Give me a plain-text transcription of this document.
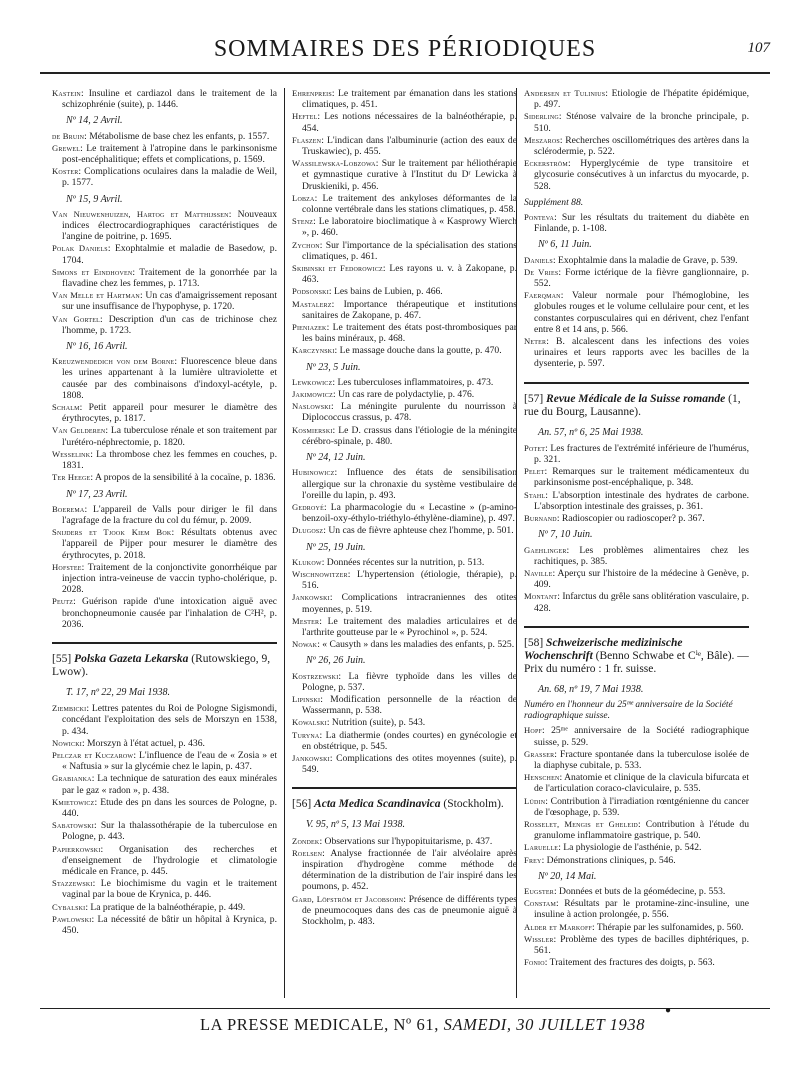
SOMMAIRES DES PÉRIODIQUES	107

Kastein: Insuline et cardiazol dans le traitement de la schizophrénie (suite), p. 1446.

Nº 14, 2 Avril.

de Bruin: Métabolisme de base chez les enfants, p. 1557.

Grewel: Le traitement à l'atropine dans le parkinsonisme post-encéphalitique; effets et complications, p. 1569.

Koster: Complications oculaires dans la maladie de Weil, p. 1577.

Nº 15, 9 Avril.

Van Nieuwenhuizen, Hartog et Matthijssen: Nouveaux indices électrocardiographiques caractéristiques de l'angine de poitrine, p. 1695.

Polak Daniels: Exophtalmie et maladie de Basedow, p. 1704.

Simons et Eindhoven: Traitement de la gonorrhée par la flavadine chez les femmes, p. 1713.

Van Melle et Hartman: Un cas d'amaigrissement reposant sur une insuffisance de l'hypophyse, p. 1720.

Van Gortel: Description d'un cas de trichinose chez l'homme, p. 1723.

Nº 16, 16 Avril.

Kreuzwendedich von dem Borne: Fluorescence bleue dans les urines appartenant à la lumière ultraviolette et causée par des combinaisons d'indoxyl-acétyle, p. 1808.

Schalm: Petit appareil pour mesurer le diamètre des érythrocytes, p. 1817.

Van Gelderen: La tuberculose rénale et son traitement par l'urétéro-néphrectomie, p. 1820.

Wesselink: La thrombose chez les femmes en couches, p. 1831.

Ter Heege: A propos de la sensibilité à la cocaïne, p. 1836.

Nº 17, 23 Avril.

Boerema: L'appareil de Valls pour diriger le fil dans l'agrafage de la fracture du col du fémur, p. 2009.

Snijders et Tjook Kiem Bok: Résultats obtenus avec l'appareil de Pijper pour mesurer le diamètre des érythrocytes, p. 2018.

Hofstee: Traitement de la conjonctivite gonorrhéique par injection intra-veineuse de vaccin typho-cholérique, p. 2028.

Peutz: Guérison rapide d'une intoxication aiguë avec bronchopneumonie causée par l'inhalation de C²H², p. 2036.

[55] Polska Gazeta Lekarska (Rutowskiego, 9, Lwow).
T. 17, nº 22, 29 Mai 1938.

Ziembicki: Lettres patentes du Roi de Pologne Sigismondi, concédant l'exploitation des sels de Morszyn en 1538, p. 434.

Nowicki: Morszyn à l'état actuel, p. 436.

Pelczar et Kuczarow: L'influence de l'eau de « Zosia » et « Naftusia » sur la glycémie chez le lapin, p. 437.

Grabianka: La technique de saturation des eaux minérales par le gaz « radon », p. 438.

Kmietowicz: Etude des pn dans les sources de Pologne, p. 440.

Sabatowski: Sur la thalassothérapie de la tuberculose en Pologne, p. 443.

Papierkowski: Organisation des recherches et d'enseignement de l'hydrologie et climatologie médicale en France, p. 445.

Stazzewski: Le biochimisme du vagin et le traitement vaginal par la boue de Krynica, p. 446.

Cybalski: La pratique de la balnéothérapie, p. 449.

Pawlowski: La nécessité de bâtir un hôpital à Krynica, p. 450.

Ehrenpreis: Le traitement par émanation dans les stations climatiques, p. 451.

Heftel: Les notions nécessaires de la balnéothérapie, p. 454.

Flaszen: L'indican dans l'albuminurie (action des eaux de Truskawiec), p. 455.

Wassilewska-Lobzowa: Sur le traitement par héliothérapie et gymnastique curative à l'Institut du Dʳ Lewicka à Druskieniki, p. 456.

Lobza: Le traitement des ankyloses déformantes de la colonne vertébrale dans les stations climatiques, p. 458.

Stenz: Le laboratoire bioclimatique à « Kasprowy Wierch », p. 460.

Zychon: Sur l'importance de la spécialisation des stations climatiques, p. 461.

Skibinski et Fedorowicz: Les rayons u. v. à Zakopane, p. 463.

Podsonski: Les bains de Lubien, p. 466.

Mastalerz: Importance thérapeutique et institutions sanitaires de Zakopane, p. 467.

Pieniazek: Le traitement des états post-thrombosiques par les bains minéraux, p. 468.

Karczynski: Le massage douche dans la goutte, p. 470.

Nº 23, 5 Juin.

Lewkowicz: Les tuberculoses inflammatoires, p. 473.

Jakimowicz: Un cas rare de polydactylie, p. 476.

Naslowski: La méningite purulente du nourrisson à Diplococcus crassus, p. 478.

Kosmierski: Le D. crassus dans l'étiologie de la méningite cérébro-spinale, p. 480.

Nº 24, 12 Juin.

Hubinowicz: Influence des états de sensibilisation allergique sur la chronaxie du système vestibulaire de l'oreille du lapin, p. 493.

Gedroyé: La pharmacologie du « Lecastine » (p-amino-benzoil-oxy-éthylo-triéthylo-éthylène-diamine), p. 497.

Dlugosz: Un cas de fièvre aphteuse chez l'homme, p. 501.

Nº 25, 19 Juin.

Klukow: Données récentes sur la nutrition, p. 513.

Wischnowitzer: L'hypertension (étiologie, thérapie), p. 516.

Jankowski: Complications intracraniennes des otites moyennes, p. 519.

Mester: Le traitement des maladies articulaires et de l'arthrite goutteuse par le « Pyrochinol », p. 524.

Nowak: « Causyth » dans les maladies des enfants, p. 525.

Nº 26, 26 Juin.

Kostrzewski: La fièvre typhoïde dans les villes de Pologne, p. 537.

Lipinski: Modification personnelle de la réaction de Wassermann, p. 538.

Kowalski: Nutrition (suite), p. 543.

Turyna: La diathermie (ondes courtes) en gynécologie et en obstétrique, p. 545.

Jankowski: Complications des otites moyennes (suite), p. 549.

[56] Acta Medica Scandinavica (Stockholm).
V. 95, nº 5, 13 Mai 1938.

Zondek: Observations sur l'hypopituitarisme, p. 437.

Roelsen: Analyse fractionnée de l'air alvéolaire après inspiration d'hydrogène comme méthode de détermination de la distribution de l'air inspiré dans les poumons, p. 452.

Gard, Löfström et Jacobsohn: Présence de différents types de pneumocoques dans des cas de pneumonie aiguë à Stockholm, p. 483.

Andersen et Tulinius: Etiologie de l'hépatite épidémique, p. 497.

Siderling: Sténose valvaire de la bronche principale, p. 510.

Meszaros: Recherches oscillométriques des artères dans la sclérodermie, p. 522.

Eckerström: Hyperglycémie de type transitoire et glycosurie consécutives à un infarctus du myocarde, p. 528.

Supplément 88.

Ponteva: Sur les résultats du traitement du diabète en Finlande, p. 1-108.

Nº 6, 11 Juin.

Daniels: Exophtalmie dans la maladie de Grave, p. 539.

De Vries: Forme ictérique de la fièvre ganglionnaire, p. 552.

Faerqman: Valeur normale pour l'hémoglobine, les globules rouges et le volume cellulaire pour cent, et les constantes corpusculaires qui en dérivent, chez l'enfant entre 8 et 14 ans, p. 566.

Neter: B. alcalescent dans les infections des voies urinaires et leurs rapports avec les bacilles de la dysenterie, p. 597.

[57] Revue Médicale de la Suisse romande (1, rue du Bourg, Lausanne).
An. 57, nº 6, 25 Mai 1938.

Potet: Les fractures de l'extrémité inférieure de l'humérus, p. 321.

Pelet: Remarques sur le traitement médicamenteux du parkinsonisme post-encéphalique, p. 348.

Stahl: L'absorption intestinale des hydrates de carbone. L'absorption intestinale des graisses, p. 361.

Burnand: Radioscopier ou radioscoper? p. 367.

Nº 7, 10 Juin.

Gaehlinger: Les problèmes alimentaires chez les rachitiques, p. 385.

Naville: Aperçu sur l'histoire de la médecine à Genève, p. 409.

Montant: Infarctus du grêle sans oblitération vasculaire, p. 428.

[58] Schweizerische medizinische Wochenschrift (Benno Schwabe et Cⁱᵉ, Bâle). — Prix du numéro : 1 fr. suisse.
An. 68, nº 19, 7 Mai 1938.
Numéro en l'honneur du 25ᵐᵉ anniversaire de la Société radiographique suisse.

Hopf: 25ᵐᵉ anniversaire de la Société radiographique suisse, p. 529.

Grasser: Fracture spontanée dans la tuberculose isolée de la diaphyse cubitale, p. 533.

Henschen: Anatomie et clinique de la clavicula bifurcata et de l'articulation coraco-claviculaire, p. 535.

Lüdin: Contribution à l'irradiation rœntgénienne du cancer de l'œsophage, p. 539.

Rosselet, Mengis et Gheleid: Contribution à l'étude du granulome inflammatoire gastrique, p. 540.

Laruelle: La physiologie de l'asthénie, p. 542.

Frey: Démonstrations cliniques, p. 546.

Nº 20, 14 Mai.

Eugster: Données et buts de la géomédecine, p. 553.

Constam: Résultats par le protamine-zinc-insuline, une insuline à action prolongée, p. 556.

Alder et Markoff: Thérapie par les sulfonamides, p. 560.

Wissler: Problème des types de bacilles diphtériques, p. 561.

Fonio: Traitement des fractures des doigts, p. 563.

LA PRESSE MEDICALE, Nº 61, SAMEDI, 30 JUILLET 1938
●
